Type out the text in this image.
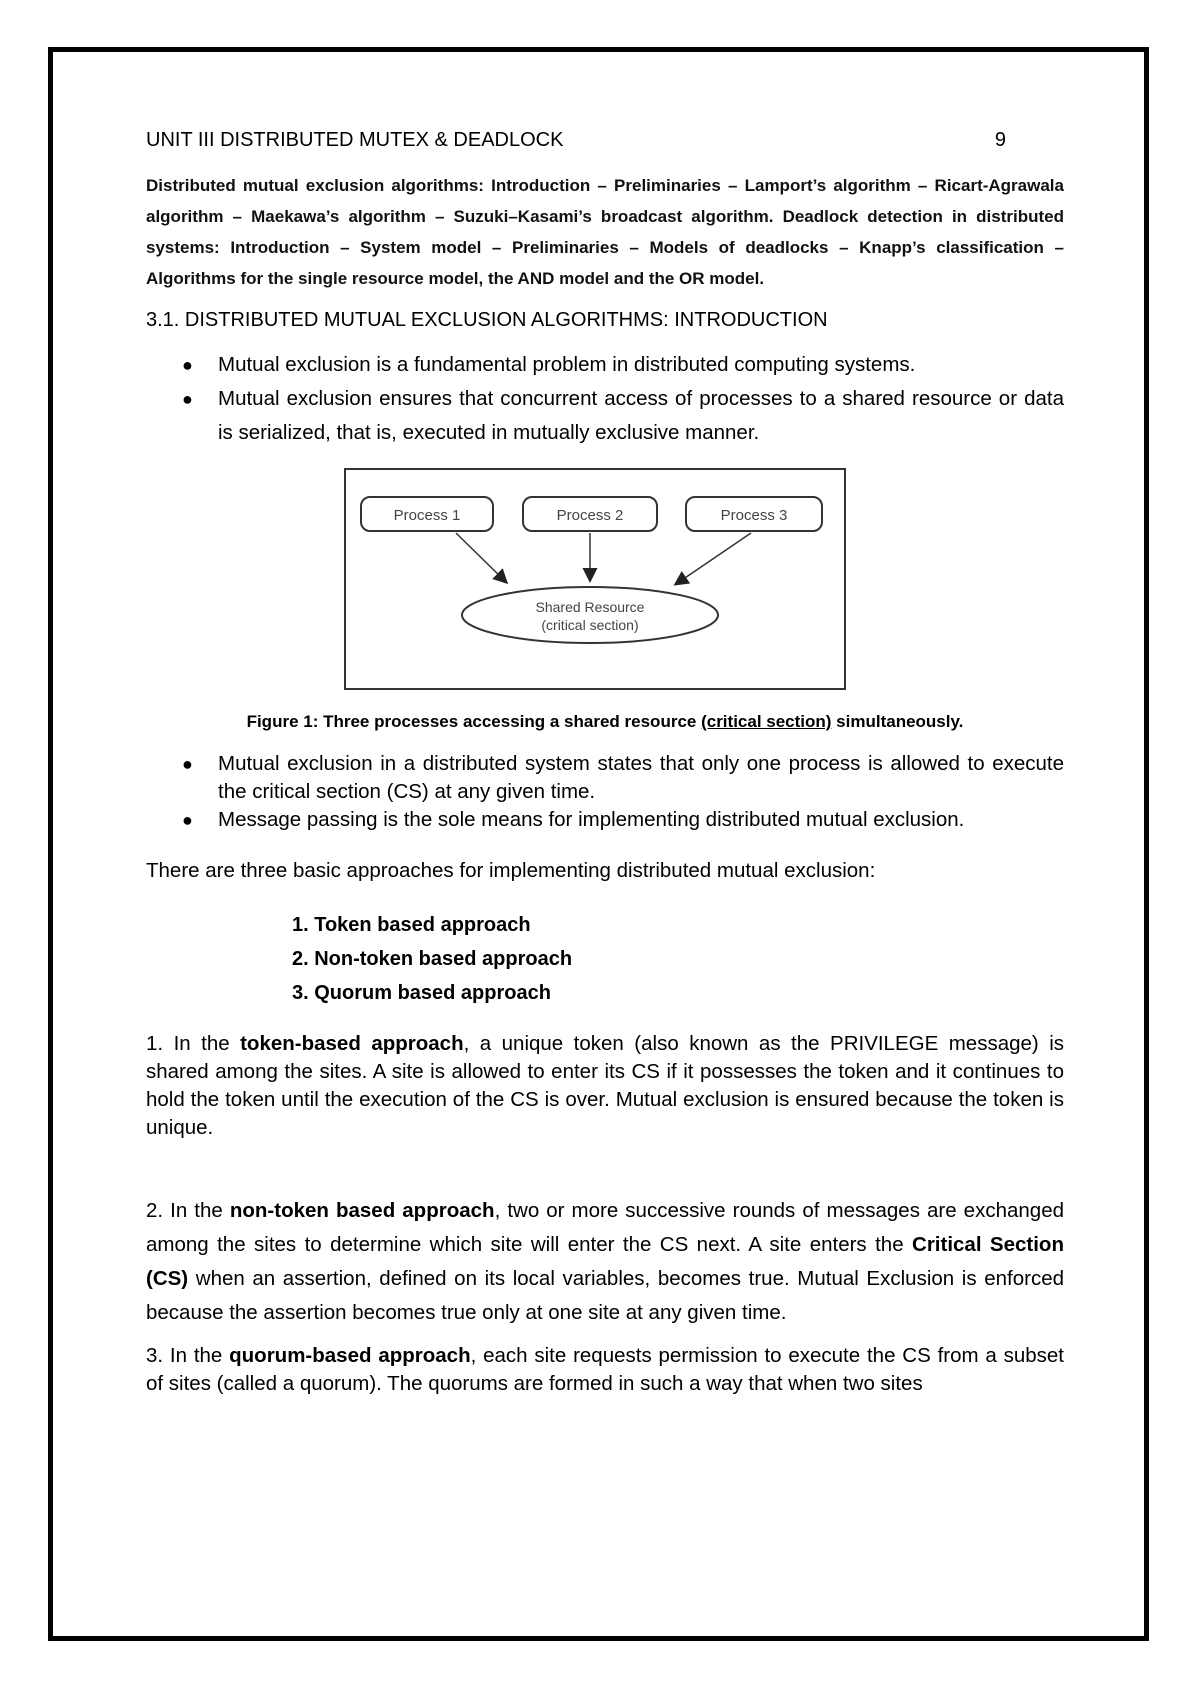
UNIT III DISTRIBUTED MUTEX & DEADLOCK	9
Distributed mutual exclusion algorithms: Introduction – Preliminaries – Lamport’s algorithm – Ricart-Agrawala algorithm – Maekawa’s algorithm – Suzuki–Kasami’s broadcast algorithm. Deadlock detection in distributed systems: Introduction – System model – Preliminaries – Models of deadlocks – Knapp’s classification – Algorithms for the single resource model, the AND model and the OR model.
3.1. DISTRIBUTED MUTUAL EXCLUSION ALGORITHMS: INTRODUCTION
● Mutual exclusion is a fundamental problem in distributed computing systems.
● Mutual exclusion ensures that concurrent access of processes to a shared resource or data is serialized, that is, executed in mutually exclusive manner.
Process 1	Process 2	Process 3
Shared Resource
(critical section)
Figure 1: Three processes accessing a shared resource (critical section) simultaneously.
● Mutual exclusion in a distributed system states that only one process is allowed to execute the critical section (CS) at any given time.
● Message passing is the sole means for implementing distributed mutual exclusion.
There are three basic approaches for implementing distributed mutual exclusion:
1. Token based approach
2. Non-token based approach
3. Quorum based approach
1. In the token-based approach, a unique token (also known as the PRIVILEGE message) is shared among the sites. A site is allowed to enter its CS if it possesses the token and it continues to hold the token until the execution of the CS is over. Mutual exclusion is ensured because the token is unique.
2. In the non-token based approach, two or more successive rounds of messages are exchanged among the sites to determine which site will enter the CS next. A site enters the Critical Section (CS) when an assertion, defined on its local variables, becomes true. Mutual Exclusion is enforced because the assertion becomes true only at one site at any given time.
3. In the quorum-based approach, each site requests permission to execute the CS from a subset of sites (called a quorum). The quorums are formed in such a way that when two sites
